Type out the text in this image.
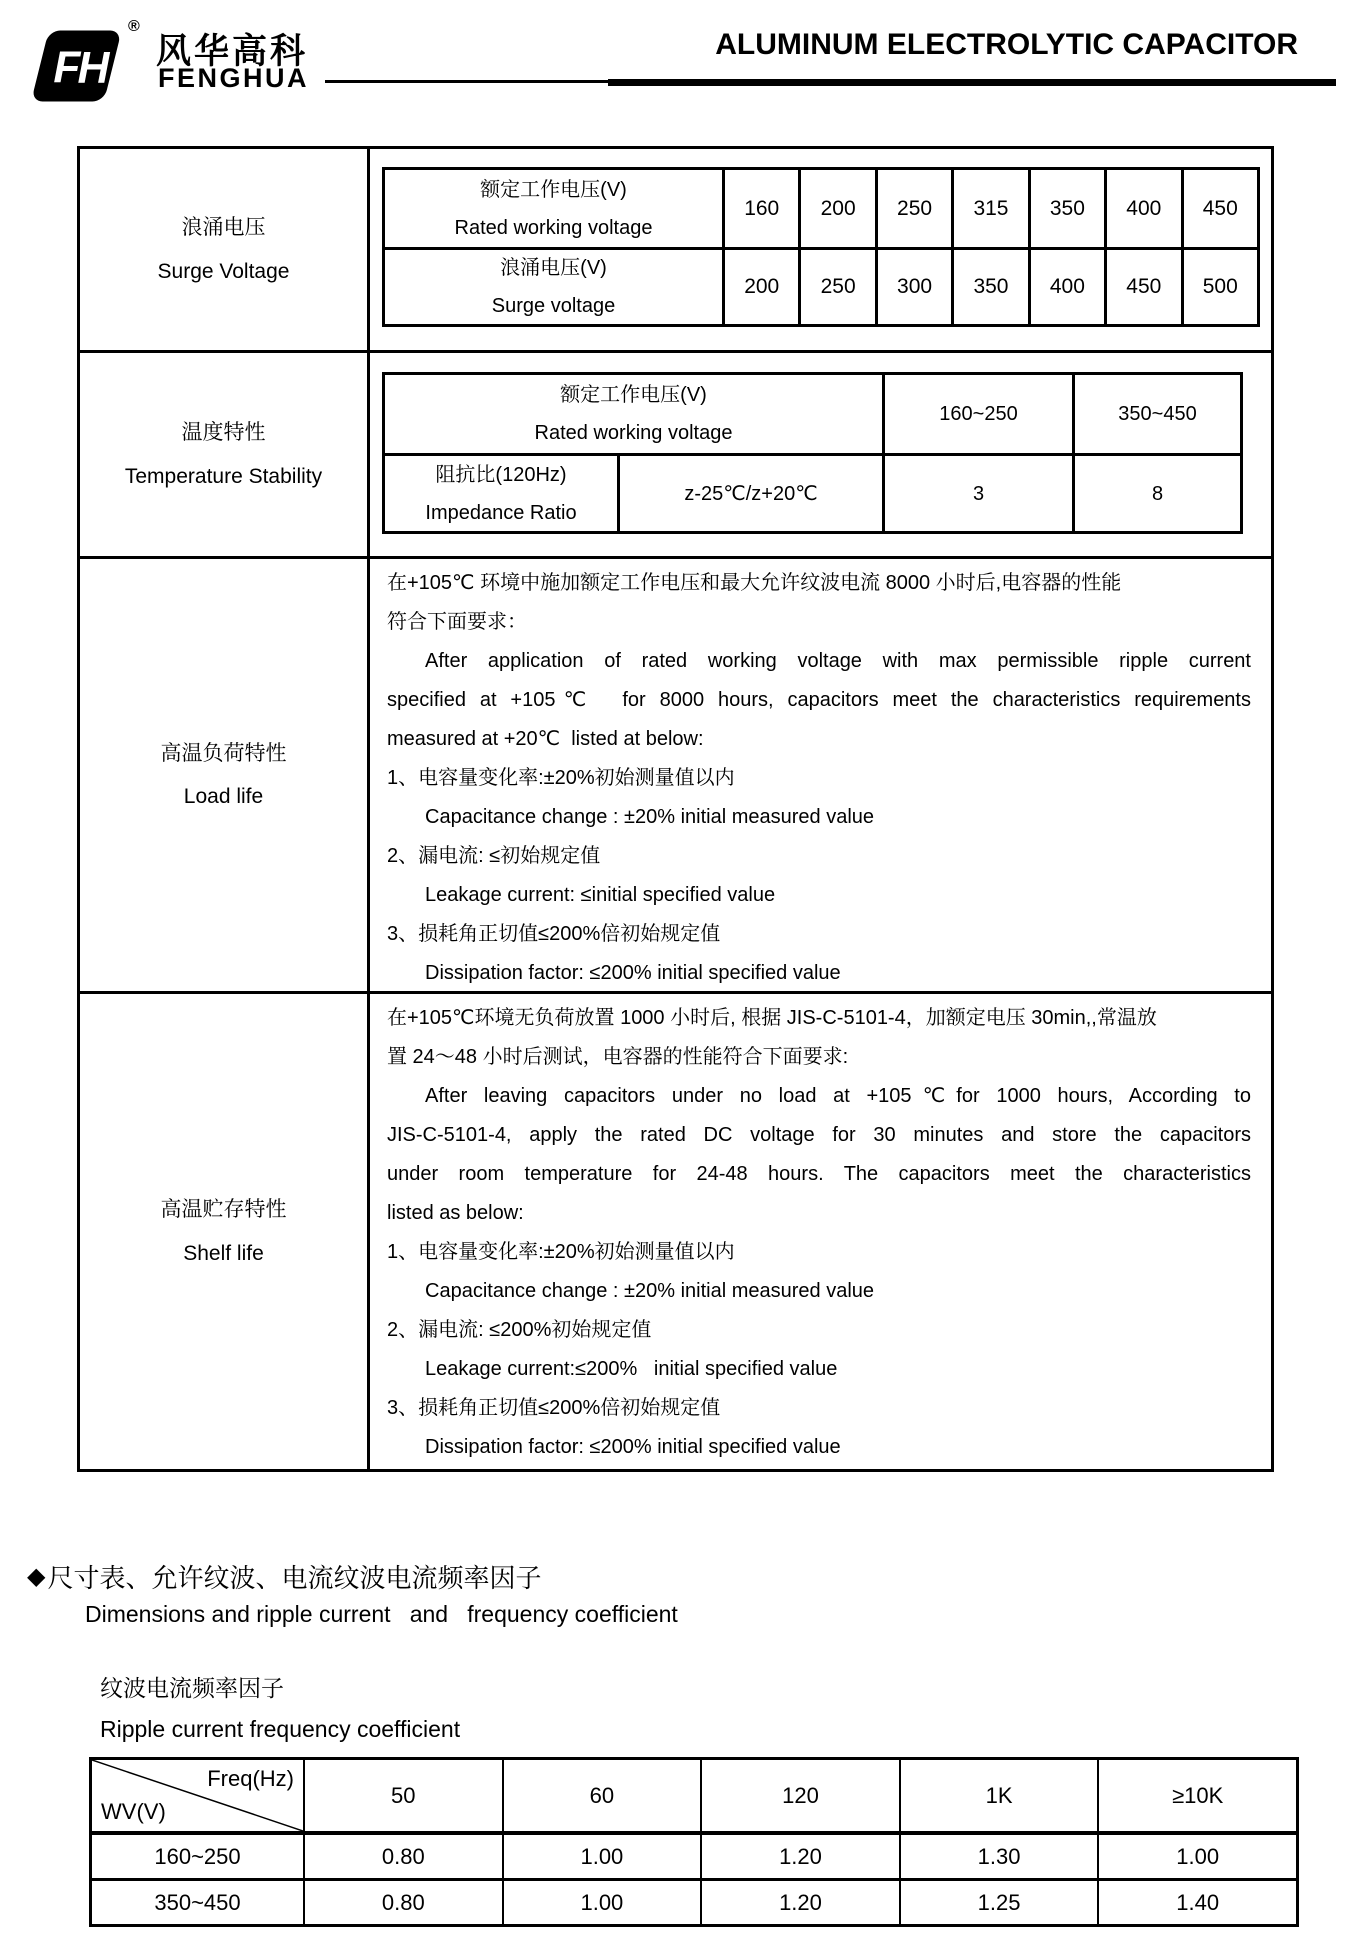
FH
®
风华高科
FENGHUA
ALUMINUM ELECTROLYTIC CAPACITOR
浪涌电压
Surge Voltage
额定工作电压(V)
Rated working voltage
160	200	250	315	350	400	450
浪涌电压(V)
Surge voltage
200	250	300	350	400	450	500
温度特性
Temperature Stability
额定工作电压(V)
Rated working voltage
160~250	350~450
阻抗比(120Hz)
Impedance Ratio
z-25℃/z+20℃	3	8
高温负荷特性
Load life
在+105℃ 环境中施加额定工作电压和最大允许纹波电流 8000 小时后,电容器的性能
符合下面要求：
After application of rated working voltage with max permissible ripple current
specified at +105℃  for 8000 hours, capacitors meet the characteristics requirements
measured at +20℃  listed at below:
1、电容量变化率:±20%初始测量值以内
Capacitance change : ±20% initial measured value
2、漏电流: ≤初始规定值
Leakage current: ≤initial specified value
3、损耗角正切值≤200%倍初始规定值
Dissipation factor: ≤200% initial specified value
高温贮存特性
Shelf life
在+105℃环境无负荷放置 1000 小时后, 根据 JIS-C-5101-4，加额定电压 30min,,常温放
置 24～48 小时后测试，电容器的性能符合下面要求:
After leaving capacitors under no load at +105℃for 1000 hours, According to
JIS-C-5101-4, apply the rated DC voltage for 30 minutes and store the capacitors
under room temperature for 24-48 hours. The capacitors meet the characteristics
listed as below:
1、电容量变化率:±20%初始测量值以内
Capacitance change : ±20% initial measured value
2、漏电流: ≤200%初始规定值
Leakage current:≤200%   initial specified value
3、损耗角正切值≤200%倍初始规定值
Dissipation factor: ≤200% initial specified value
◆ 尺寸表、允许纹波、电流纹波电流频率因子
Dimensions and ripple current   and   frequency coefficient
纹波电流频率因子
Ripple current frequency coefficient
Freq(Hz)
WV(V)
50	60	120	1K	≥10K
160~250	0.80	1.00	1.20	1.30	1.00
350~450	0.80	1.00	1.20	1.25	1.40
